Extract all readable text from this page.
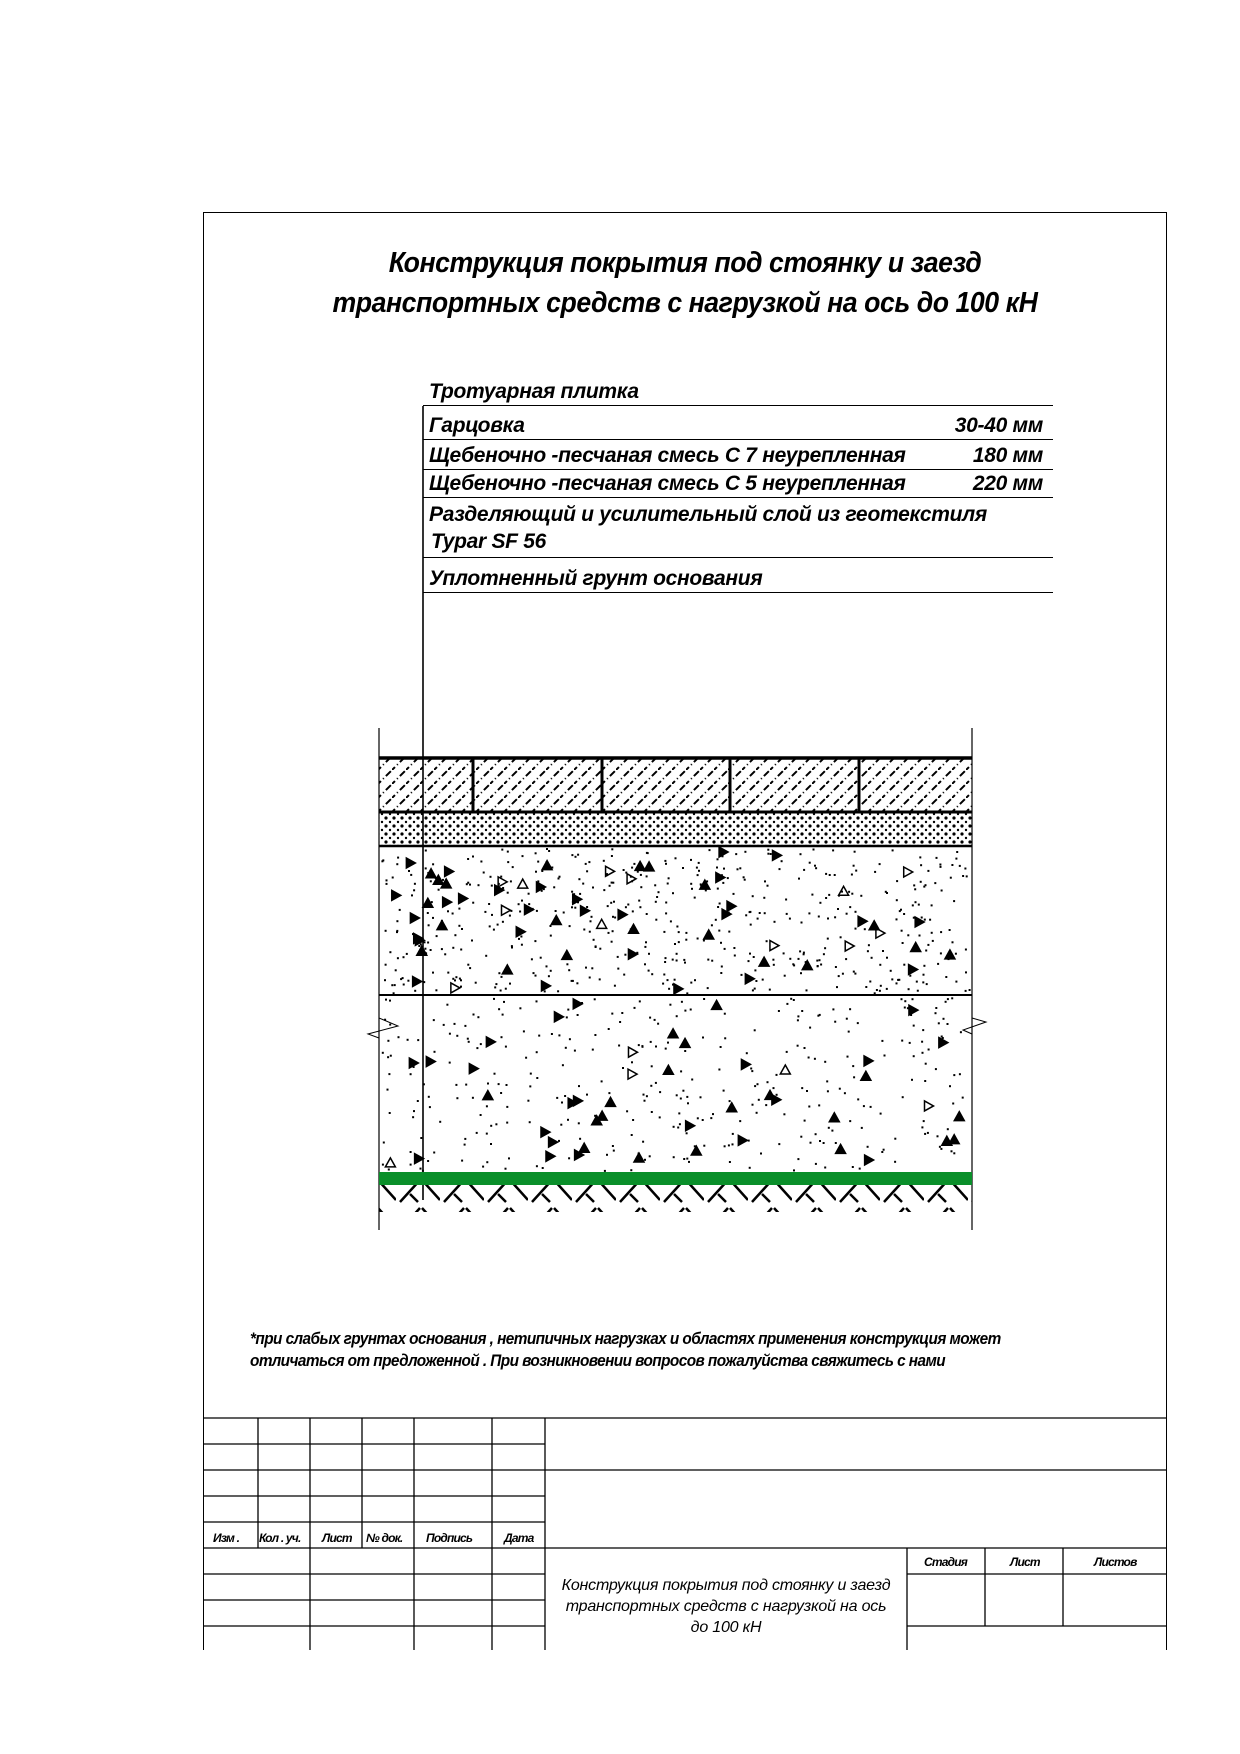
Конструкция покрытия под стоянку и заезд
транспортных средств с нагрузкой на ось до 100 кН
Тротуарная плитка
Гарцовка	30-40 мм
Щебеночно -песчаная смесь С 7 неурепленная	180 мм
Щебеночно -песчаная смесь С 5 неурепленная	220 мм
Разделяющий и усилительный слой из геотекстиля
Typar SF 56
Уплотненный грунт основания
*при слабых грунтах основания , нетипичных нагрузках и областях применения конструкция может
отличаться от предложенной . При возникновении вопросов пожалуйства свяжитесь с нами
Изм . Кол . уч. Лист № док. Подпись	Дата
Стадия	Лист	Листов
Конструкция покрытия под стоянку и заезд
транспортных средств с нагрузкой на ось
до 100 кН
